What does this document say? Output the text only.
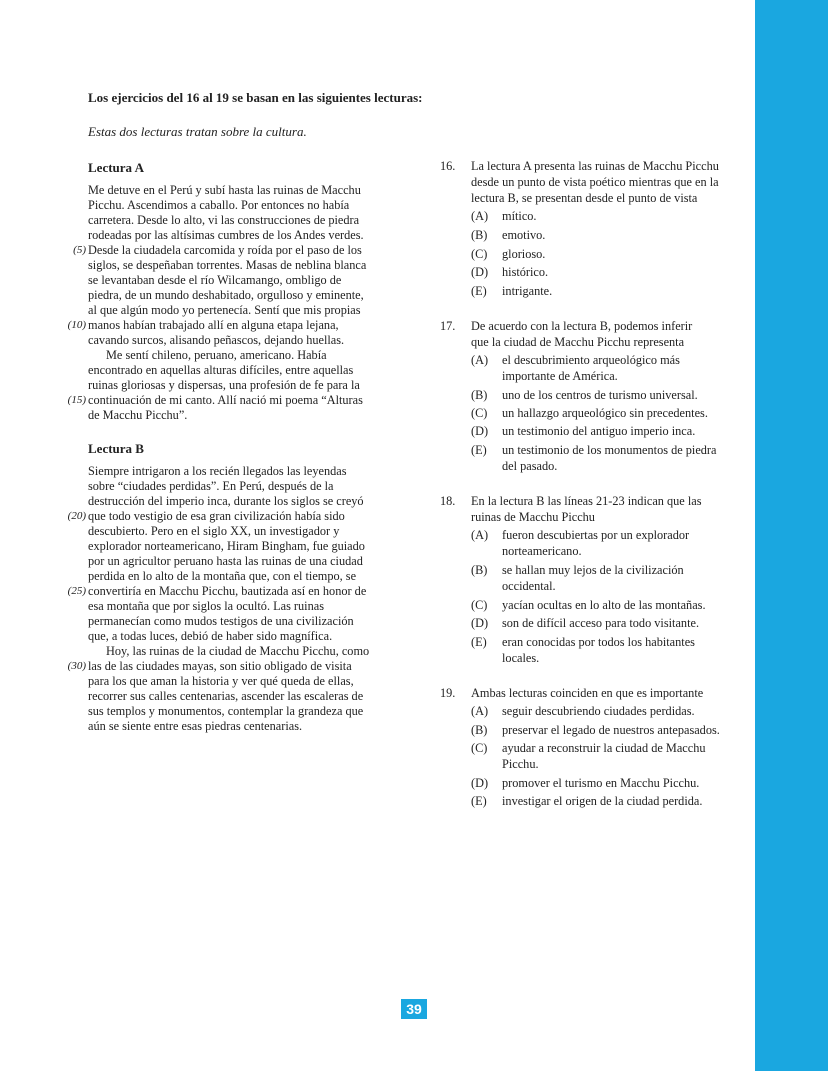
Los ejercicios del 16 al 19 se basan en las siguientes lecturas:
Estas dos lecturas tratan sobre la cultura.
Lectura A
Me detuve en el Perú y subí hasta las ruinas de Macchu
Picchu. Ascendimos a caballo. Por entonces no había
carretera. Desde lo alto, vi las construcciones de piedra
rodeadas por las altísimas cumbres de los Andes verdes.
(5) Desde la ciudadela carcomida y roída por el paso de los
siglos, se despeñaban torrentes. Masas de neblina blanca
se levantaban desde el río Wilcamango, ombligo de
piedra, de un mundo deshabitado, orgulloso y eminente,
al que algún modo yo pertenecía. Sentí que mis propias
(10) manos habían trabajado allí en alguna etapa lejana,
cavando surcos, alisando peñascos, dejando huellas.
Me sentí chileno, peruano, americano. Había
encontrado en aquellas alturas difíciles, entre aquellas
ruinas gloriosas y dispersas, una profesión de fe para la
(15) continuación de mi canto. Allí nació mi poema “Alturas
de Macchu Picchu”.
Lectura B
Siempre intrigaron a los recién llegados las leyendas
sobre “ciudades perdidas”. En Perú, después de la
destrucción del imperio inca, durante los siglos se creyó
(20) que todo vestigio de esa gran civilización había sido
descubierto. Pero en el siglo XX, un investigador y
explorador norteamericano, Hiram Bingham, fue guiado
por un agricultor peruano hasta las ruinas de una ciudad
perdida en lo alto de la montaña que, con el tiempo, se
(25) convertiría en Macchu Picchu, bautizada así en honor de
esa montaña que por siglos la ocultó. Las ruinas
permanecían como mudos testigos de una civilización
que, a todas luces, debió de haber sido magnífica.
Hoy, las ruinas de la ciudad de Macchu Picchu, como
(30) las de las ciudades mayas, son sitio obligado de visita
para los que aman la historia y ver qué queda de ellas,
recorrer sus calles centenarias, ascender las escaleras de
sus templos y monumentos, contemplar la grandeza que
aún se siente entre esas piedras centenarias.
16. La lectura A presenta las ruinas de Macchu Picchu
desde un punto de vista poético mientras que en la
lectura B, se presentan desde el punto de vista
(A) mítico.
(B) emotivo.
(C) glorioso.
(D) histórico.
(E) intrigante.
17. De acuerdo con la lectura B, podemos inferir
que la ciudad de Macchu Picchu representa
(A) el descubrimiento arqueológico más
importante de América.
(B) uno de los centros de turismo universal.
(C) un hallazgo arqueológico sin precedentes.
(D) un testimonio del antiguo imperio inca.
(E) un testimonio de los monumentos de piedra
del pasado.
18. En la lectura B las líneas 21-23 indican que las
ruinas de Macchu Picchu
(A) fueron descubiertas por un explorador
norteamericano.
(B) se hallan muy lejos de la civilización
occidental.
(C) yacían ocultas en lo alto de las montañas.
(D) son de difícil acceso para todo visitante.
(E) eran conocidas por todos los habitantes
locales.
19. Ambas lecturas coinciden en que es importante
(A) seguir descubriendo ciudades perdidas.
(B) preservar el legado de nuestros antepasados.
(C) ayudar a reconstruir la ciudad de Macchu
Picchu.
(D) promover el turismo en Macchu Picchu.
(E) investigar el origen de la ciudad perdida.
39
